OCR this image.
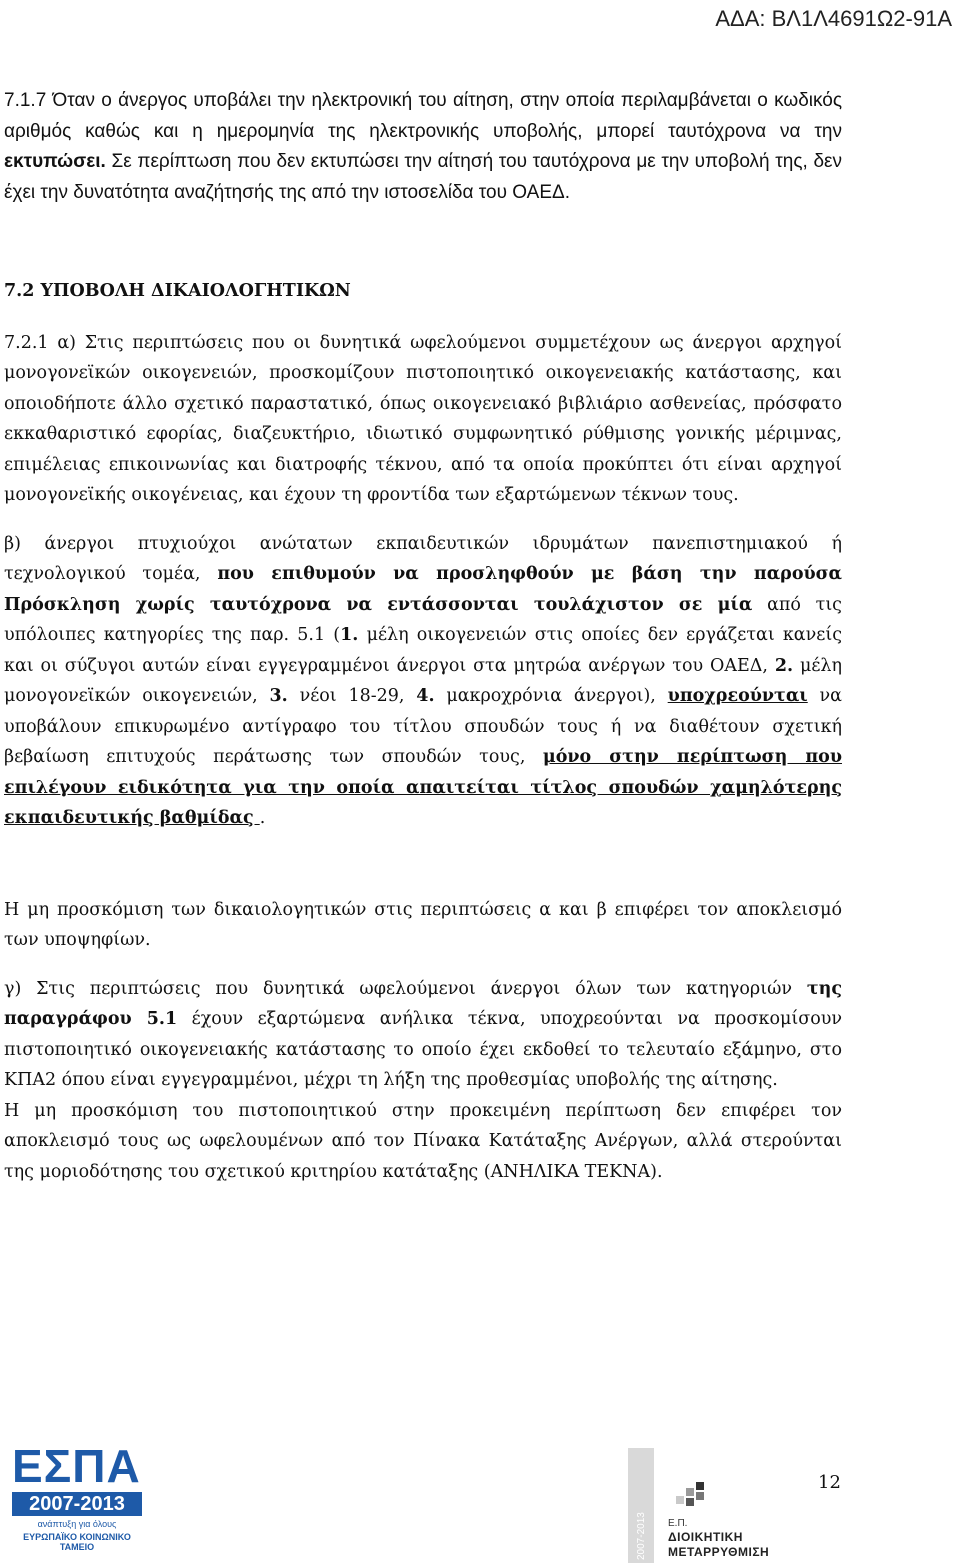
ΑΔΑ: ΒΛ1Λ4691Ω2-91Α

7.1.7 Όταν ο άνεργος υποβάλει την ηλεκτρονική του αίτηση, στην οποία περιλαμβάνεται ο κωδικός αριθμός καθώς και η ημερομηνία της ηλεκτρονικής υποβολής, μπορεί ταυτόχρονα να την εκτυπώσει. Σε περίπτωση που δεν εκτυπώσει την αίτησή του ταυτόχρονα με την υποβολή της, δεν έχει την δυνατότητα αναζήτησής της από την ιστοσελίδα του ΟΑΕΔ.

7.2 ΥΠΟΒΟΛΗ ΔΙΚΑΙΟΛΟΓΗΤΙΚΩΝ

7.2.1 α) Στις περιπτώσεις που οι δυνητικά ωφελούμενοι συμμετέχουν ως άνεργοι αρχηγοί μονογονεϊκών οικογενειών, προσκομίζουν πιστοποιητικό οικογενειακής κατάστασης, και οποιοδήποτε άλλο σχετικό παραστατικό, όπως οικογενειακό βιβλιάριο ασθενείας, πρόσφατο εκκαθαριστικό εφορίας, διαζευκτήριο, ιδιωτικό συμφωνητικό ρύθμισης γονικής μέριμνας, επιμέλειας επικοινωνίας και διατροφής τέκνου, από τα οποία προκύπτει ότι είναι αρχηγοί μονογονεϊκής οικογένειας, και έχουν τη φροντίδα των εξαρτώμενων τέκνων τους.

β) άνεργοι πτυχιούχοι ανώτατων εκπαιδευτικών ιδρυμάτων πανεπιστημιακού ή τεχνολογικού τομέα, που επιθυμούν να προσληφθούν με βάση την παρούσα Πρόσκληση χωρίς ταυτόχρονα να εντάσσονται τουλάχιστον σε μία από τις υπόλοιπες κατηγορίες της παρ. 5.1 (1. μέλη οικογενειών στις οποίες δεν εργάζεται κανείς και οι σύζυγοι αυτών είναι εγγεγραμμένοι άνεργοι στα μητρώα ανέργων του ΟΑΕΔ, 2. μέλη μονογονεϊκών οικογενειών, 3. νέοι 18-29, 4. μακροχρόνια άνεργοι), υποχρεούνται να υποβάλουν επικυρωμένο αντίγραφο του τίτλου σπουδών τους ή να διαθέτουν σχετική βεβαίωση επιτυχούς περάτωσης των σπουδών τους, μόνο στην περίπτωση που επιλέγουν ειδικότητα για την οποία απαιτείται τίτλος σπουδών χαμηλότερης εκπαιδευτικής βαθμίδας .

Η μη προσκόμιση των δικαιολογητικών στις περιπτώσεις α και β επιφέρει τον αποκλεισμό των υποψηφίων.

γ) Στις περιπτώσεις που δυνητικά ωφελούμενοι άνεργοι όλων των κατηγοριών της παραγράφου 5.1 έχουν εξαρτώμενα ανήλικα τέκνα, υποχρεούνται να προσκομίσουν πιστοποιητικό οικογενειακής κατάστασης το οποίο έχει εκδοθεί το τελευταίο εξάμηνο, στο ΚΠΑ2 όπου είναι εγγεγραμμένοι, μέχρι τη λήξη της προθεσμίας υποβολής της αίτησης.

Η μη προσκόμιση του πιστοποιητικού στην προκειμένη περίπτωση δεν επιφέρει τον αποκλεισμό τους ως ωφελουμένων από τον Πίνακα Κατάταξης Ανέργων, αλλά στερούνται της μοριοδότησης του σχετικού κριτηρίου κατάταξης (ΑΝΗΛΙΚΑ ΤΕΚΝΑ).

12
ΕΣΠΑ
2007-2013
ανάπτυξη για όλους
ΕΥΡΩΠΑΪΚΟ ΚΟΙΝΩΝΙΚΟ ΤΑΜΕΙΟ	2007-2013 Ε.Π.
ΔΙΟΙΚΗΤΙΚΗ
ΜΕΤΑΡΡΥΘΜΙΣΗ
